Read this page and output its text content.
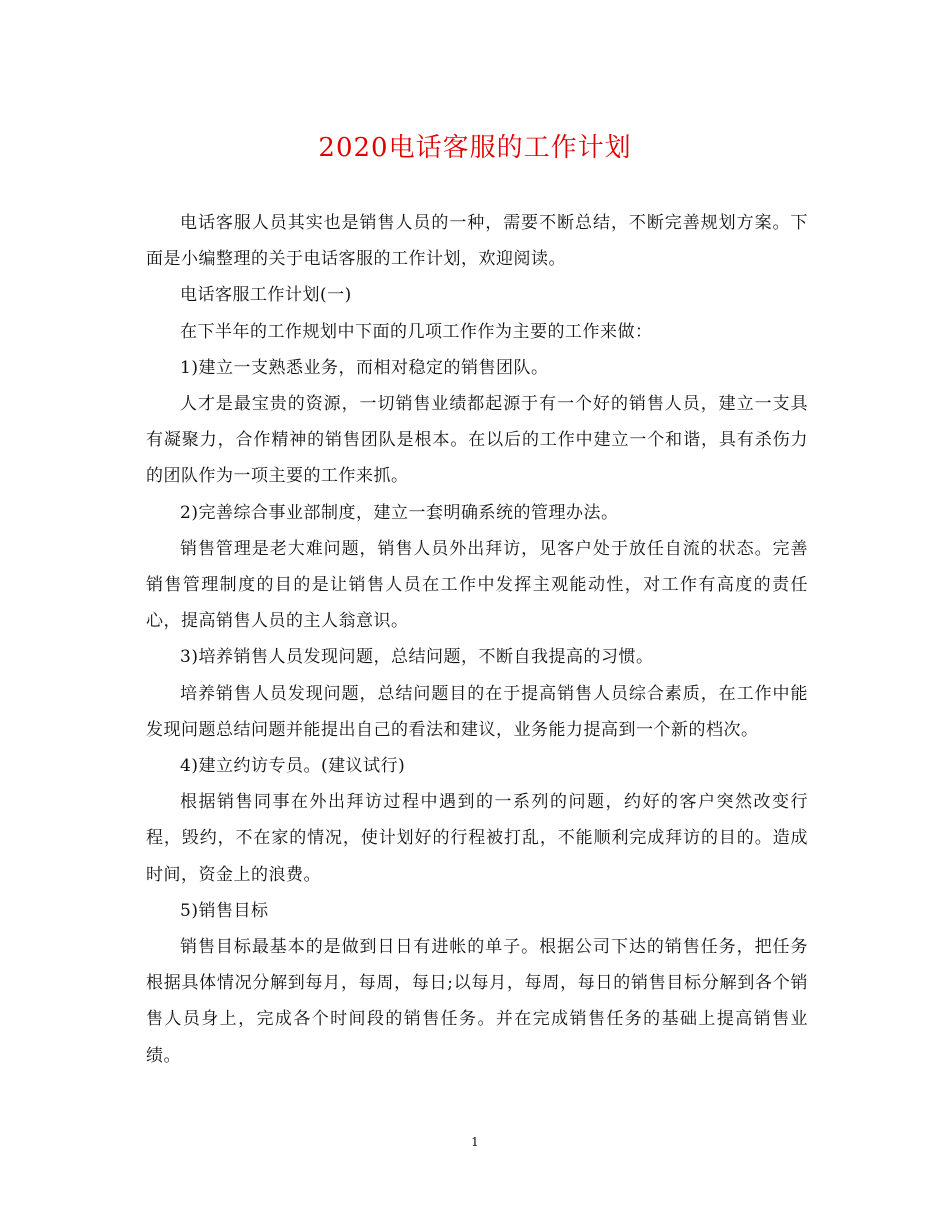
2020电话客服的工作计划

电话客服人员其实也是销售人员的一种，需要不断总结，不断完善规划方案。下面是小编整理的关于电话客服的工作计划，欢迎阅读。

电话客服工作计划(一)

在下半年的工作规划中下面的几项工作作为主要的工作来做：

1)建立一支熟悉业务，而相对稳定的销售团队。

人才是最宝贵的资源，一切销售业绩都起源于有一个好的销售人员，建立一支具有凝聚力，合作精神的销售团队是根本。在以后的工作中建立一个和谐，具有杀伤力的团队作为一项主要的工作来抓。

2)完善综合事业部制度，建立一套明确系统的管理办法。

销售管理是老大难问题，销售人员外出拜访，见客户处于放任自流的状态。完善销售管理制度的目的是让销售人员在工作中发挥主观能动性，对工作有高度的责任心，提高销售人员的主人翁意识。

3)培养销售人员发现问题，总结问题，不断自我提高的习惯。

培养销售人员发现问题，总结问题目的在于提高销售人员综合素质，在工作中能发现问题总结问题并能提出自己的看法和建议，业务能力提高到一个新的档次。

4)建立约访专员。(建议试行)

根据销售同事在外出拜访过程中遇到的一系列的问题，约好的客户突然改变行程，毁约，不在家的情况，使计划好的行程被打乱，不能顺利完成拜访的目的。造成时间，资金上的浪费。

5)销售目标

销售目标最基本的是做到日日有进帐的单子。根据公司下达的销售任务，把任务根据具体情况分解到每月，每周，每日;以每月，每周，每日的销售目标分解到各个销售人员身上，完成各个时间段的销售任务。并在完成销售任务的基础上提高销售业绩。

1
